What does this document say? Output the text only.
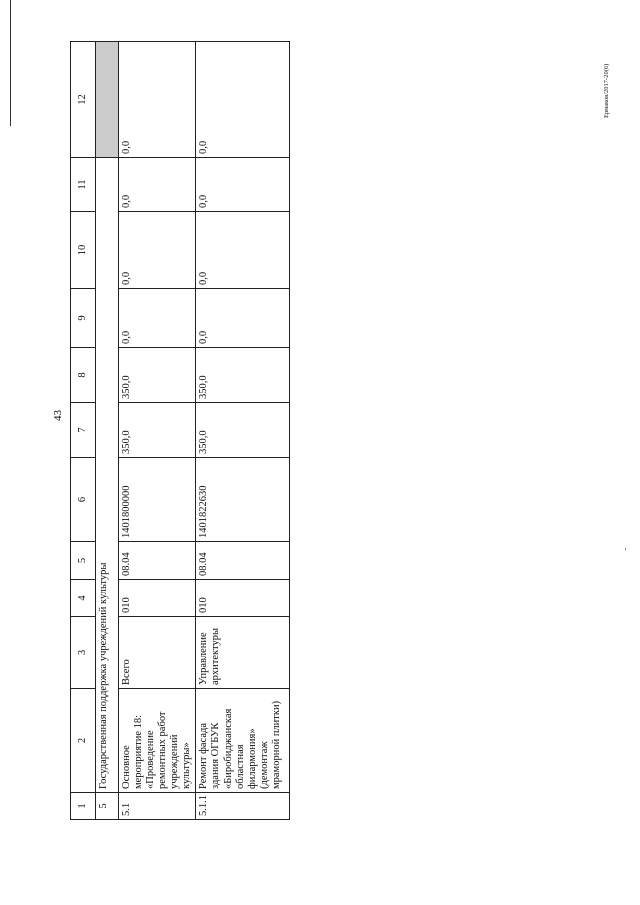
43
Ермаков/2017-20(6)
1	2	3	4	5	6	7	8	9	10	11	12
5	Государственная поддержка учреждений культуры										
5.1	Основное мероприятие 18: «Проведение ремонтных работ учреждений культуры»	Всего	010	08.04	1401800000	350,0	350,0	0,0	0,0	0,0	0,0
5.1.1	Ремонт фасада здания ОГБУК «Биробиджанская областная филармония» (демонтаж мраморной плитки)	Управление архитектуры	010	08.04	1401822630	350,0	350,0	0,0	0,0	0,0	0,0
